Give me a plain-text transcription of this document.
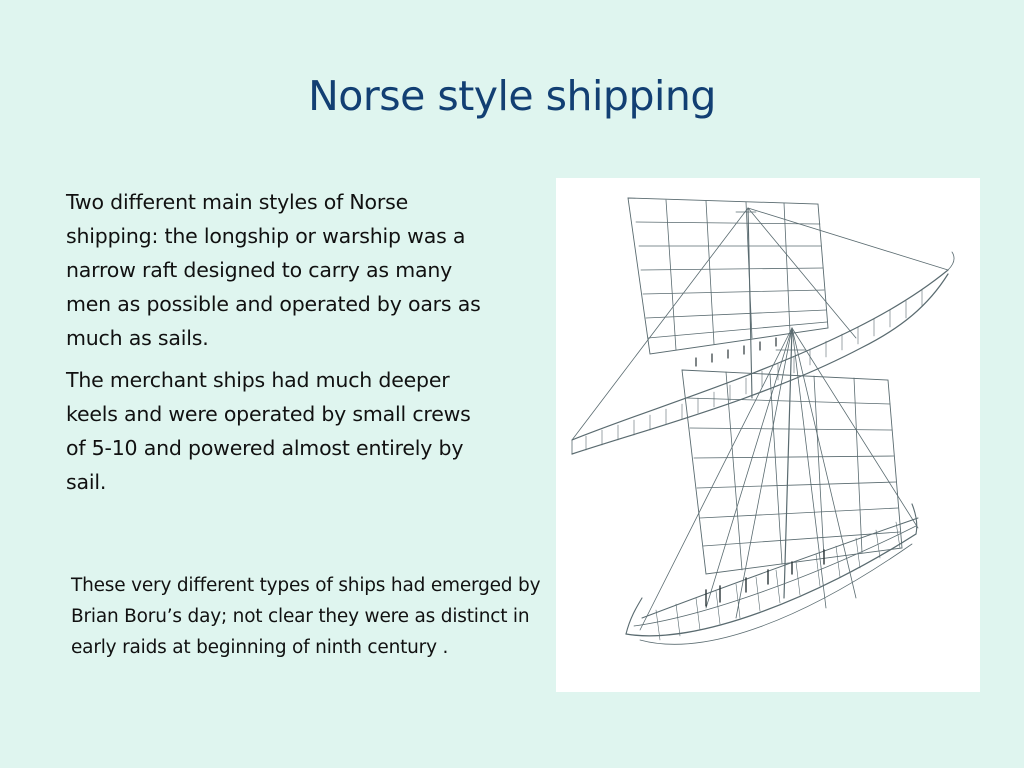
Norse style shipping

Two different main styles of Norse shipping: the longship or warship was a narrow raft designed to carry as many men as possible and operated by oars as much as sails.

The merchant ships had much deeper keels and were operated by small crews of 5-10 and powered almost entirely by sail.

These very different types of ships had emerged by Brian Boru’s day; not clear they were as distinct in early raids at beginning of ninth century .
